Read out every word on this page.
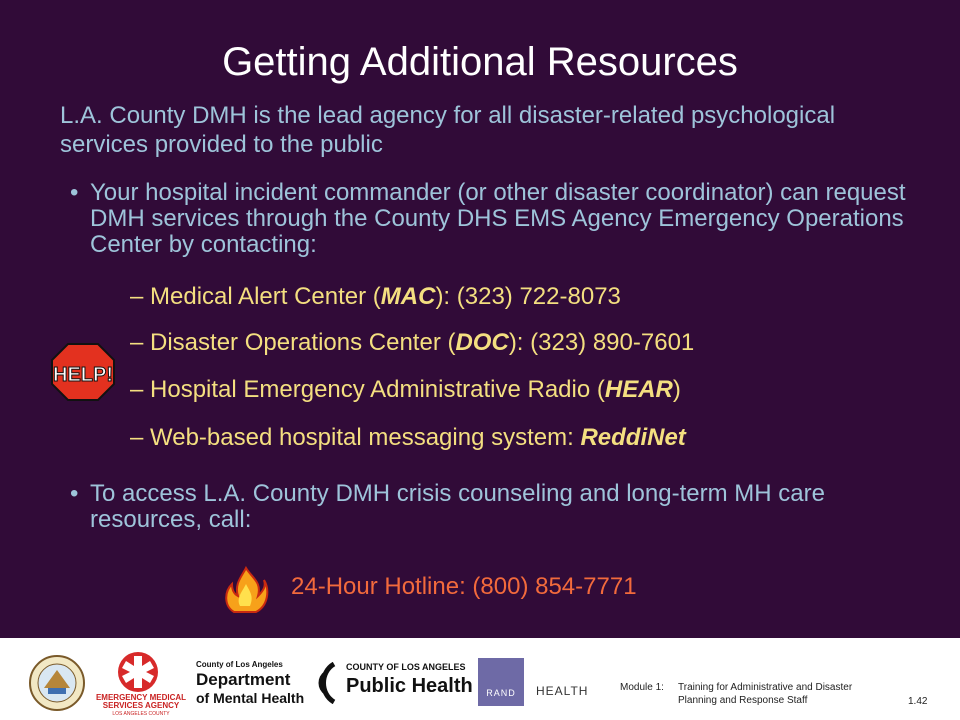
Getting Additional Resources
L.A. County DMH is the lead agency for all disaster-related psychological services provided to the public
• Your hospital incident commander (or other disaster coordinator) can request DMH services through the County DHS EMS Agency Emergency Operations Center by contacting:
– Medical Alert Center (MAC): (323) 722-8073
– Disaster Operations Center (DOC): (323) 890-7601
– Hospital Emergency Administrative Radio (HEAR)
– Web-based hospital messaging system: ReddiNet
• To access L.A. County DMH crisis counseling and long-term MH care resources, call:
HELP!
24-Hour Hotline: (800) 854-7771
EMERGENCY MEDICAL
SERVICES AGENCY
LOS ANGELES COUNTY
County of Los Angeles
Department
of Mental Health
COUNTY OF LOS ANGELES
Public Health	RAND	HEALTH	Module 1: Training for Administrative and Disaster
Planning and Response Staff	1.42
